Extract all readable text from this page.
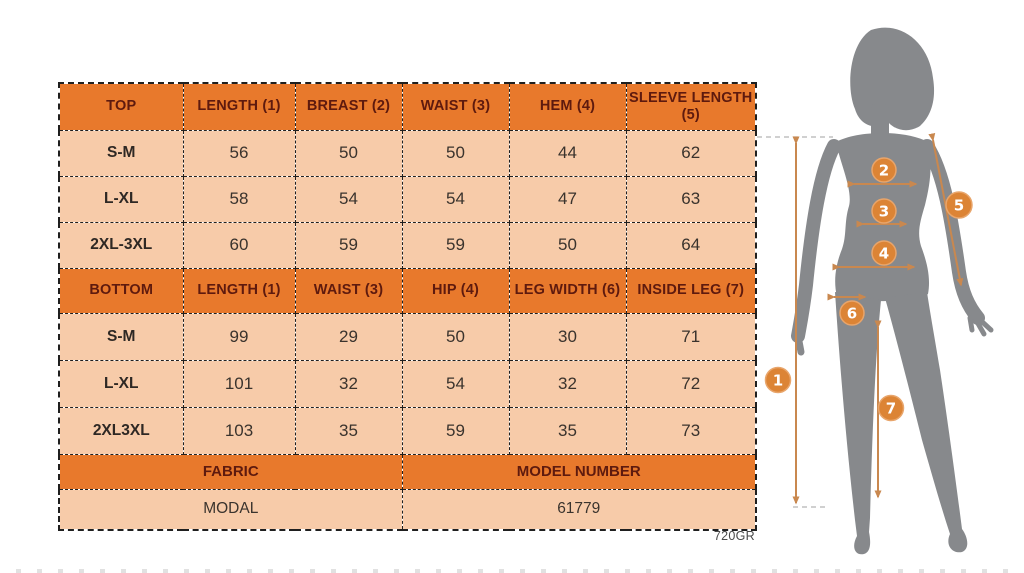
TOP	LENGTH (1)	BREAST (2)	WAIST (3)	HEM (4)	SLEEVE LENGTH (5)
S-M	56	50	50	44	62
L-XL	58	54	54	47	63
2XL-3XL	60	59	59	50	64
BOTTOM	LENGTH (1)	WAIST (3)	HIP (4)	LEG WIDTH (6)	INSIDE LEG (7)
S-M	99	29	50	30	71
L-XL	101	32	54	32	72
2XL3XL	103	35	59	35	73
FABRIC			MODEL NUMBER		
MODAL			61779		
720GR
1
2
3
4
5
6
7
